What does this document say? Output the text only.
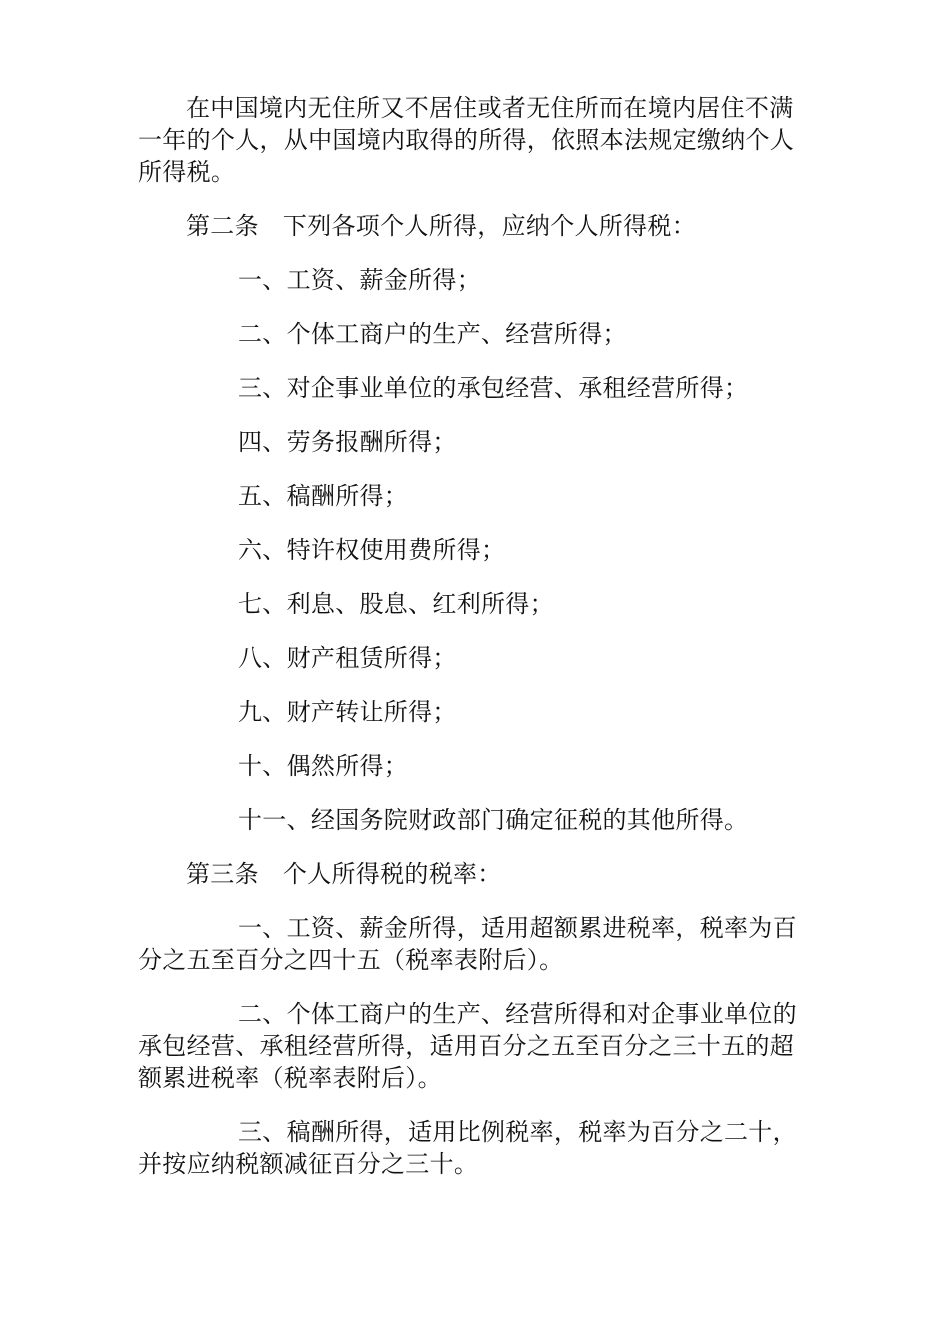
在中国境内无住所又不居住或者无住所而在境内居住不满一年的个人，从中国境内取得的所得，依照本法规定缴纳个人所得税。

第二条 下列各项个人所得，应纳个人所得税：

一、工资、薪金所得；

二、个体工商户的生产、经营所得；

三、对企事业单位的承包经营、承租经营所得；

四、劳务报酬所得；

五、稿酬所得；

六、特许权使用费所得；

七、利息、股息、红利所得；

八、财产租赁所得；

九、财产转让所得；

十、偶然所得；

十一、经国务院财政部门确定征税的其他所得。

第三条 个人所得税的税率：

一、工资、薪金所得，适用超额累进税率，税率为百分之五至百分之四十五（税率表附后）。

二、个体工商户的生产、经营所得和对企事业单位的承包经营、承租经营所得，适用百分之五至百分之三十五的超额累进税率（税率表附后）。

三、稿酬所得，适用比例税率，税率为百分之二十，并按应纳税额减征百分之三十。
